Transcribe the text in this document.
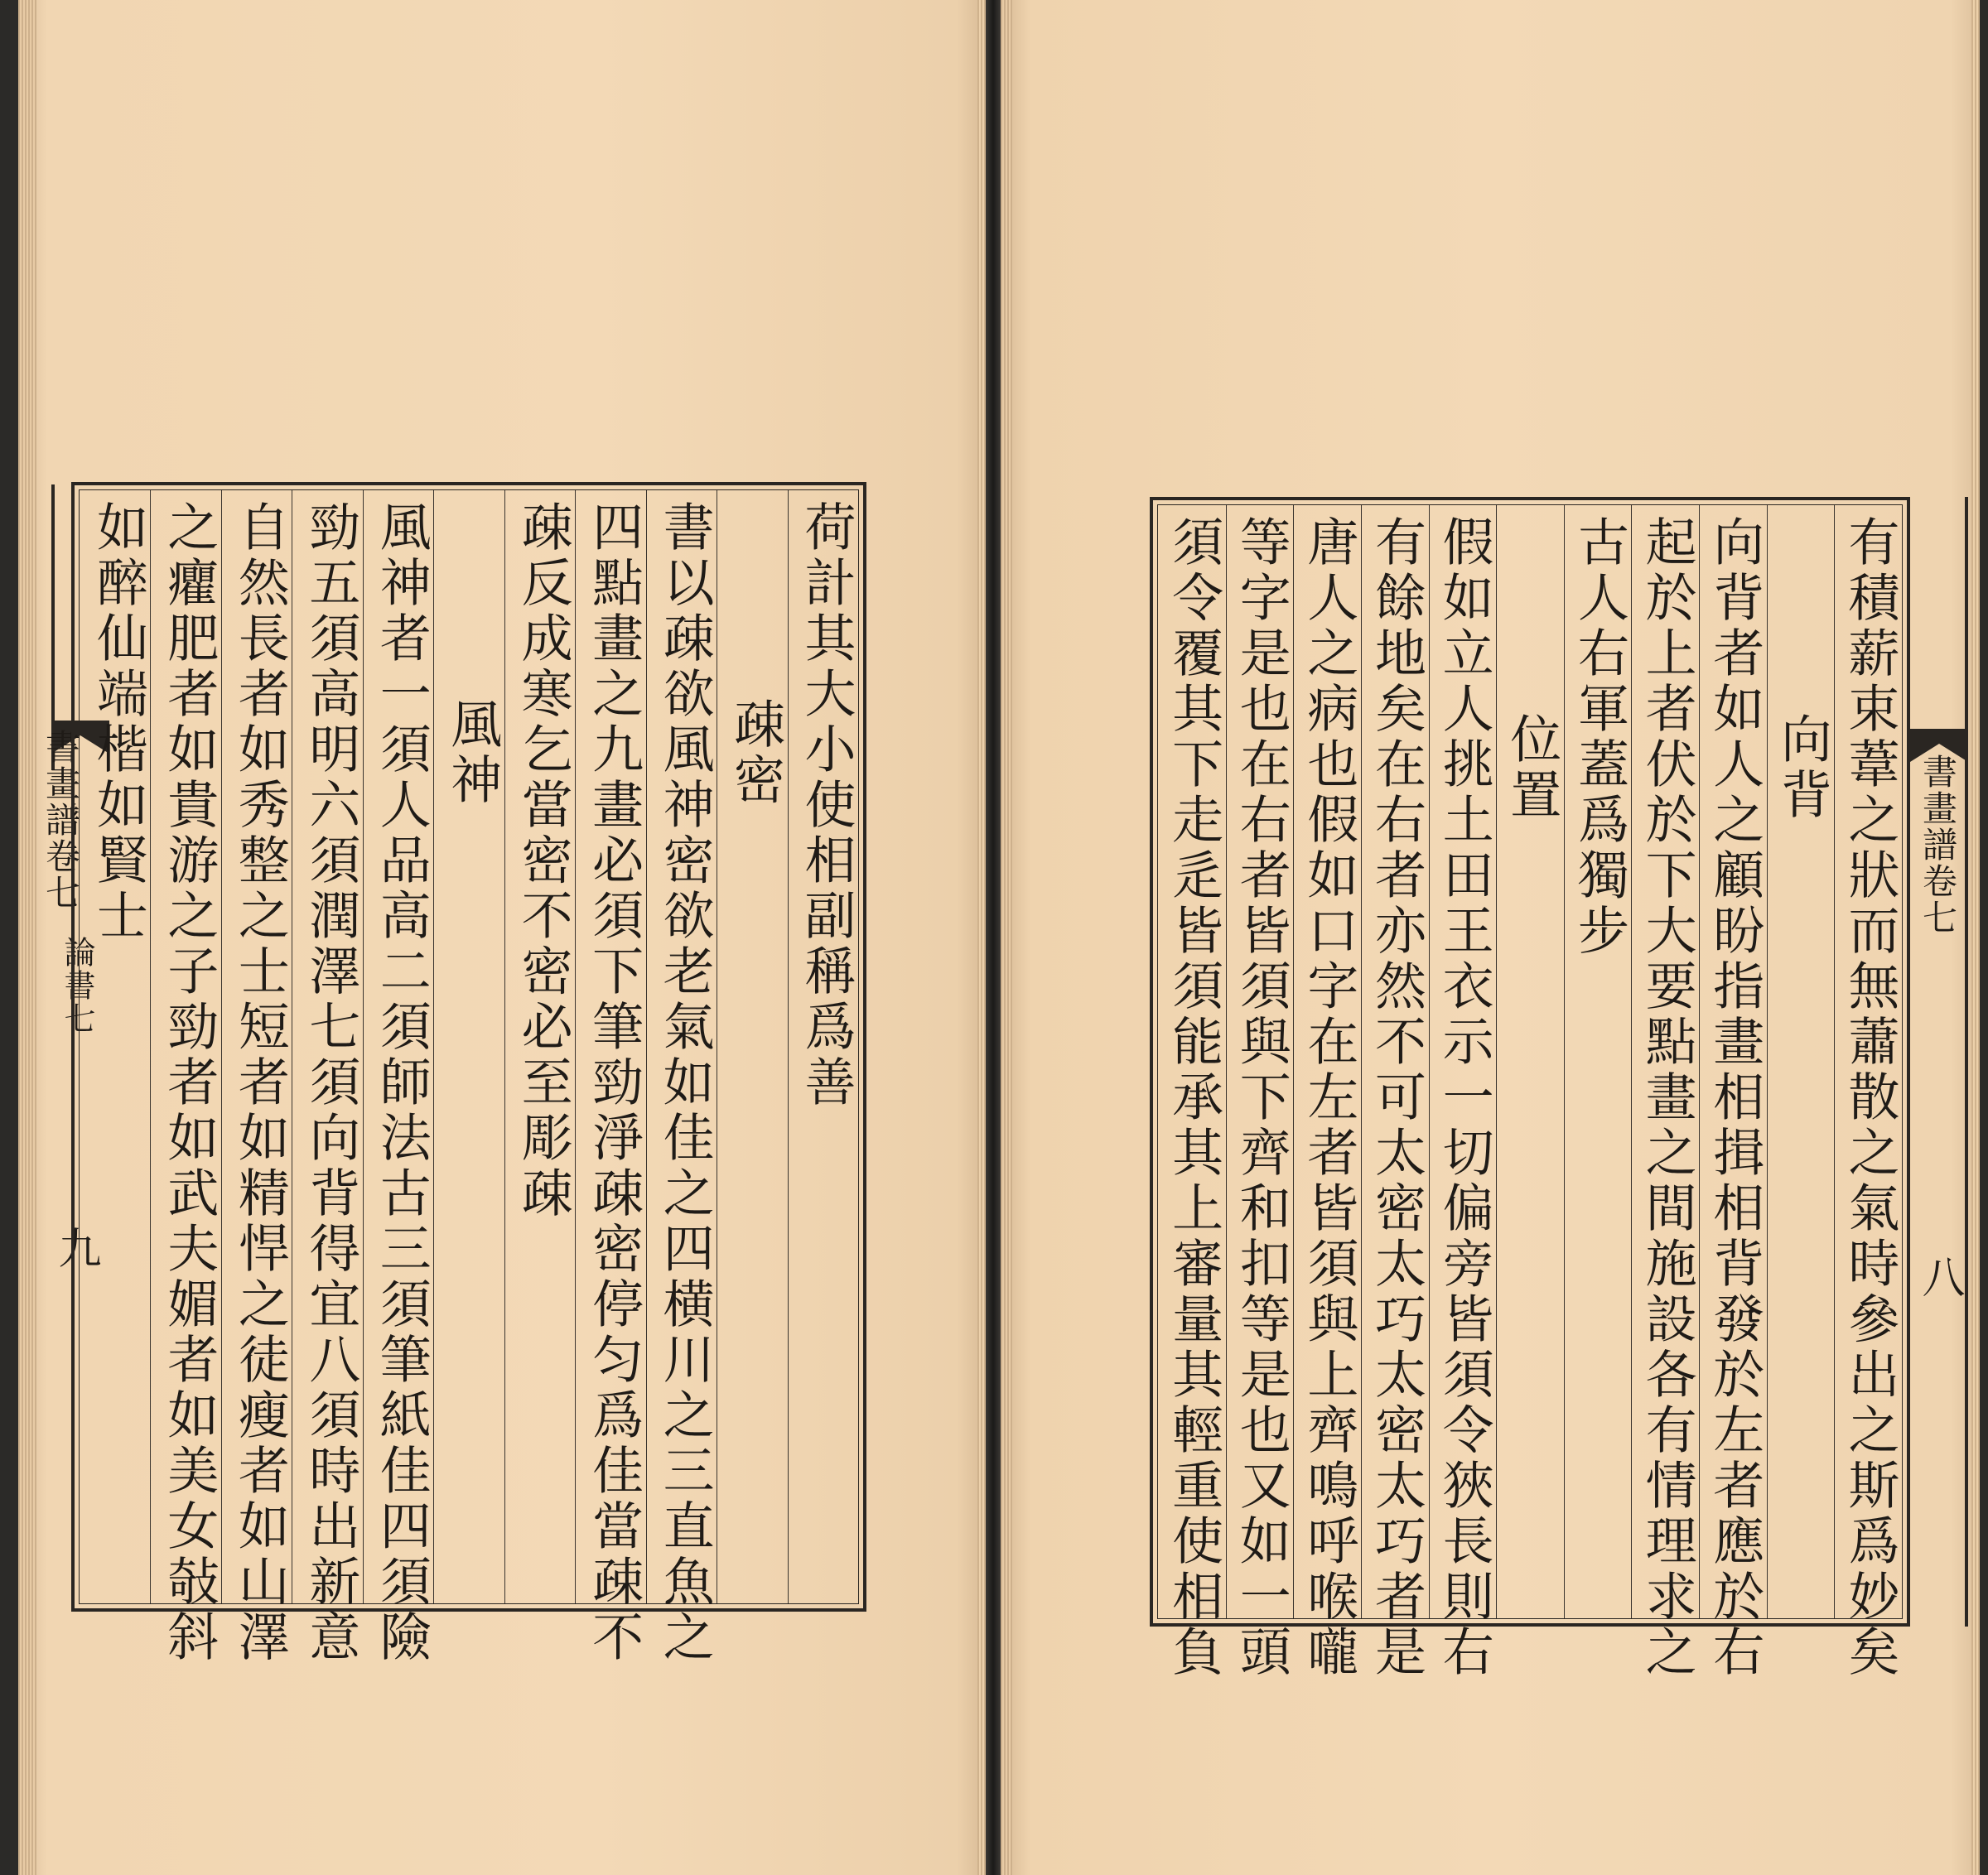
書畫譜卷七
論書七
九
荷計其大小使相副稱爲善
疎密
書以疎欲風神密欲老氣如佳之四横川之三直魚之
四點畫之九畫必須下筆勁淨疎密停匀爲佳當疎不
疎反成寒乞當密不密必至彫疎
風神
風神者一須人品高二須師法古三須筆紙佳四須險
勁五須高明六須潤澤七須向背得宜八須時出新意
自然長者如秀整之士短者如精悍之徒瘦者如山澤
之癯肥者如貴游之子勁者如武夫媚者如美女敧斜
如醉仙端楷如賢士	有積薪束葦之狀而無蕭散之氣時參出之斯爲妙矣
向背
向背者如人之顧盼指畫相揖相背發於左者應於右
起於上者伏於下大要點畫之間施設各有情理求之
古人右軍蓋爲獨步
位置
假如立人挑土田王衣示一切偏旁皆須令狹長則右
有餘地矣在右者亦然不可太密太巧太密太巧者是
唐人之病也假如口字在左者皆須與上齊鳴呼喉嚨
等字是也在右者皆須與下齊和扣等是也又如一頭
須令覆其下走辵皆須能承其上審量其輕重使相負	書畫譜卷七
八
